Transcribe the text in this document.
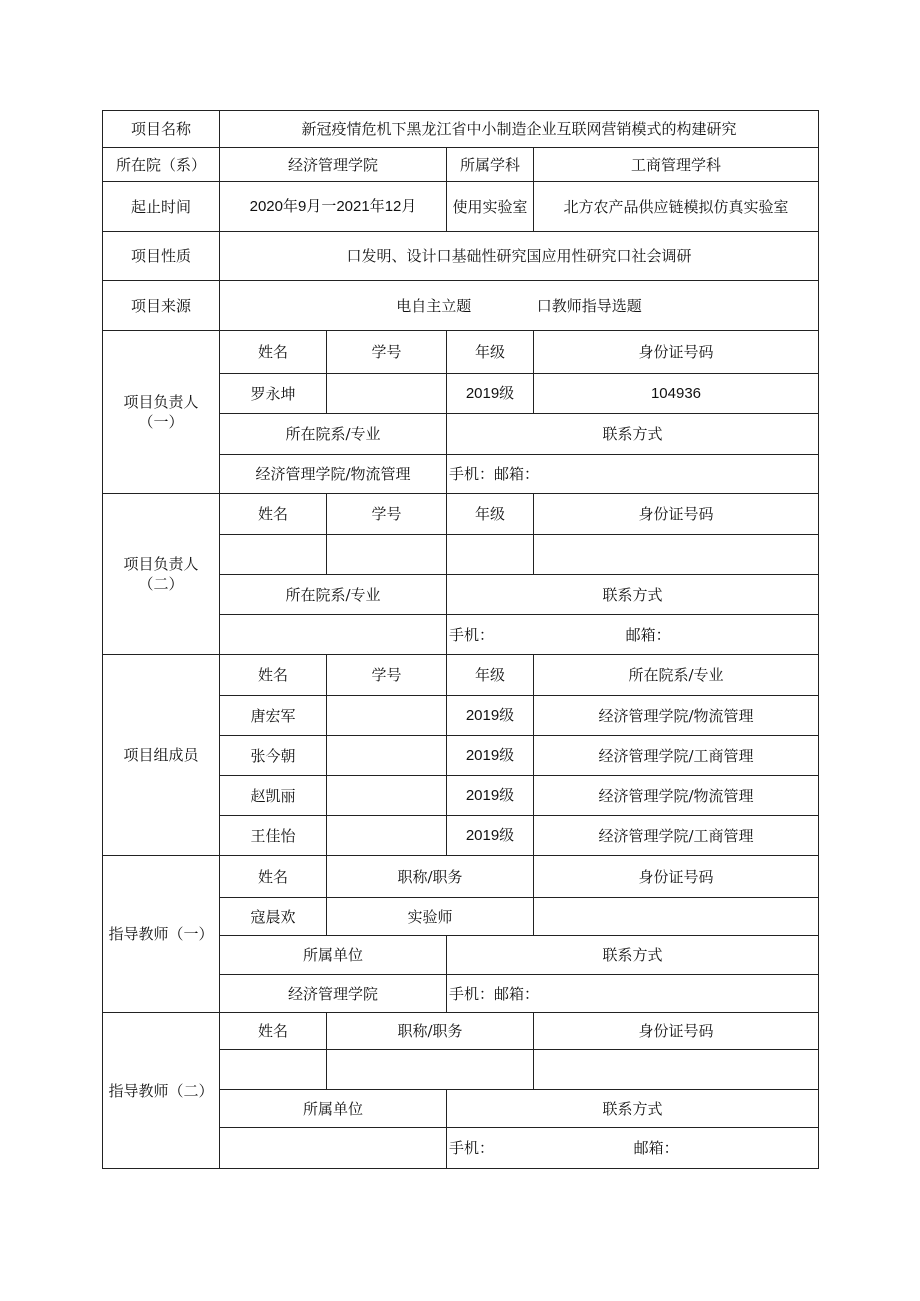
项目名称	新冠疫情危机下黑龙江省中小制造企业互联网营销模式的构建研究			
所在院（系）	经济管理学院		所属学科	工商管理学科
起止时间	2020年9月一2021年12月		使用实验室	北方农产品供应链模拟仿真实验室
项目性质	口发明、设计口基础性研究国应用性研究口社会调研			
项目来源	电自主立题 口教师指导选题			
项目负责人（一）	姓名	学号	年级	身份证号码
	罗永坤		2019级	104936
	所在院系/专业		联系方式	
	经济管理学院/物流管理		手机：邮箱：	
项目负责人（二）	姓名	学号	年级	身份证号码

	所在院系/专业		联系方式	
			手机： 邮箱：	
项目组成员	姓名	学号	年级	所在院系/专业
	唐宏军		2019级	经济管理学院/物流管理
	张今朝		2019级	经济管理学院/工商管理
	赵凯丽		2019级	经济管理学院/物流管理
	王佳怡		2019级	经济管理学院/工商管理
指导教师（一）	姓名	职称/职务		身份证号码
	寇晨欢	实验师		
	所属单位		联系方式	
	经济管理学院		手机：邮箱：	
指导教师（二）	姓名	职称/职务		身份证号码

	所属单位		联系方式	
			手机： 邮箱：	
